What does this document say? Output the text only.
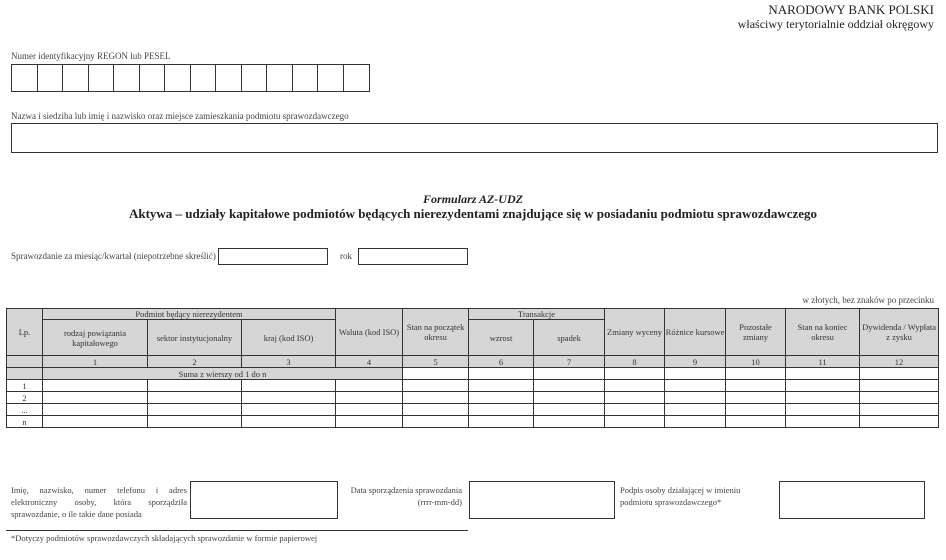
NARODOWY BANK POLSKI
właściwy terytorialnie oddział okręgowy
Numer identyfikacyjny REGON lub PESEL
Nazwa i siedziba lub imię i nazwisko oraz miejsce zamieszkania podmiotu sprawozdawczego
Formularz AZ-UDZ
Aktywa – udziały kapitałowe podmiotów będących nierezydentami znajdujące się w posiadaniu podmiotu sprawozdawczego
Sprawozdanie za miesiąc/kwartał (niepotrzebne skreślić)	rok
w złotych, bez znaków po przecinku
Lp.	Podmiot będący nierezydentem			Waluta (kod ISO)	Stan na początek okresu	Transakcje		Zmiany wyceny	Różnice kursowe	Pozostałe zmiany	Stan na koniec okresu	Dywidenda / Wypłata z zysku
	rodzaj powiązania kapitałowego	sektor instytucjonalny	kraj (kod ISO)			wzrost	spadek					
	1	2	3	4	5	6	7	8	9	10	11	12
	Suma z wierszy od 1 do n											
1												
2												
...												
n												
Imię, nazwisko, numer telefonu i adres elektroniczny osoby, która sporządziła sprawozdanie, o ile takie dane posiada
Data sporządzenia sprawozdania
(rrrr-mm-dd)
Podpis osoby działającej w imieniu podmiotu sprawozdawczego*
*Dotyczy podmiotów sprawozdawczych składających sprawozdanie w formie papierowej
